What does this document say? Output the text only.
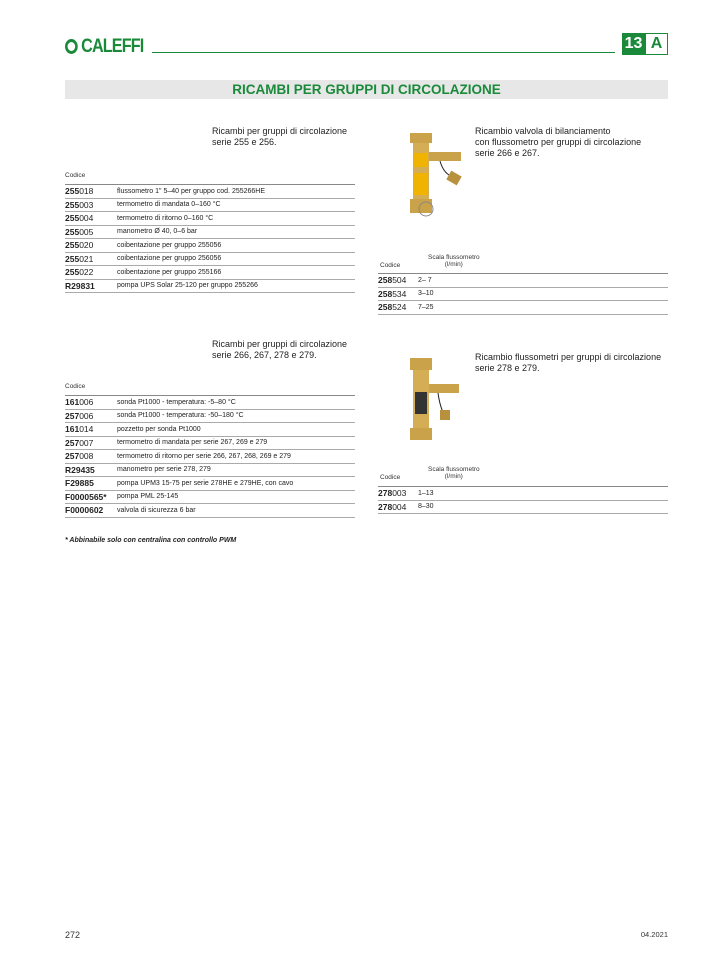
CALEFFI	13 A
RICAMBI PER GRUPPI DI CIRCOLAZIONE
Ricambi per gruppi di circolazione
serie 255 e 256.
Codice
255018	flussometro 1" 5–40 per gruppo cod. 255266HE
255003	termometro di mandata 0–160 °C
255004	termometro di ritorno 0–160 °C
255005	manometro Ø 40, 0–6 bar
255020	coibentazione per gruppo 255056
255021	coibentazione per gruppo 256056
255022	coibentazione per gruppo 255166
R29831	pompa UPS Solar 25-120 per gruppo 255266
Ricambi per gruppi di circolazione
serie 266, 267, 278 e 279.
Codice
161006	sonda Pt1000 - temperatura: -5–80 °C
257006	sonda Pt1000 - temperatura: -50–180 °C
161014	pozzetto per sonda Pt1000
257007	termometro di mandata per serie 267, 269 e 279
257008	termometro di ritorno per serie 266, 267, 268, 269 e 279
R29435	manometro per serie 278, 279
F29885	pompa UPM3 15-75 per serie 278HE e 279HE, con cavo
F0000565*	pompa PML 25-145
F0000602	valvola di sicurezza 6 bar
* Abbinabile solo con centralina con controllo PWM
Ricambio valvola di bilanciamento
con flussometro per gruppi di circolazione
serie 266 e 267.
Codice
Scala flussometro
(l/min)
258504	2– 7
258534	3–10
258524	7–25
Ricambio flussometri per gruppi di circolazione
serie 278 e 279.
Codice
Scala flussometro
(l/min)
278003	1–13
278004	8–30
272	04.2021
